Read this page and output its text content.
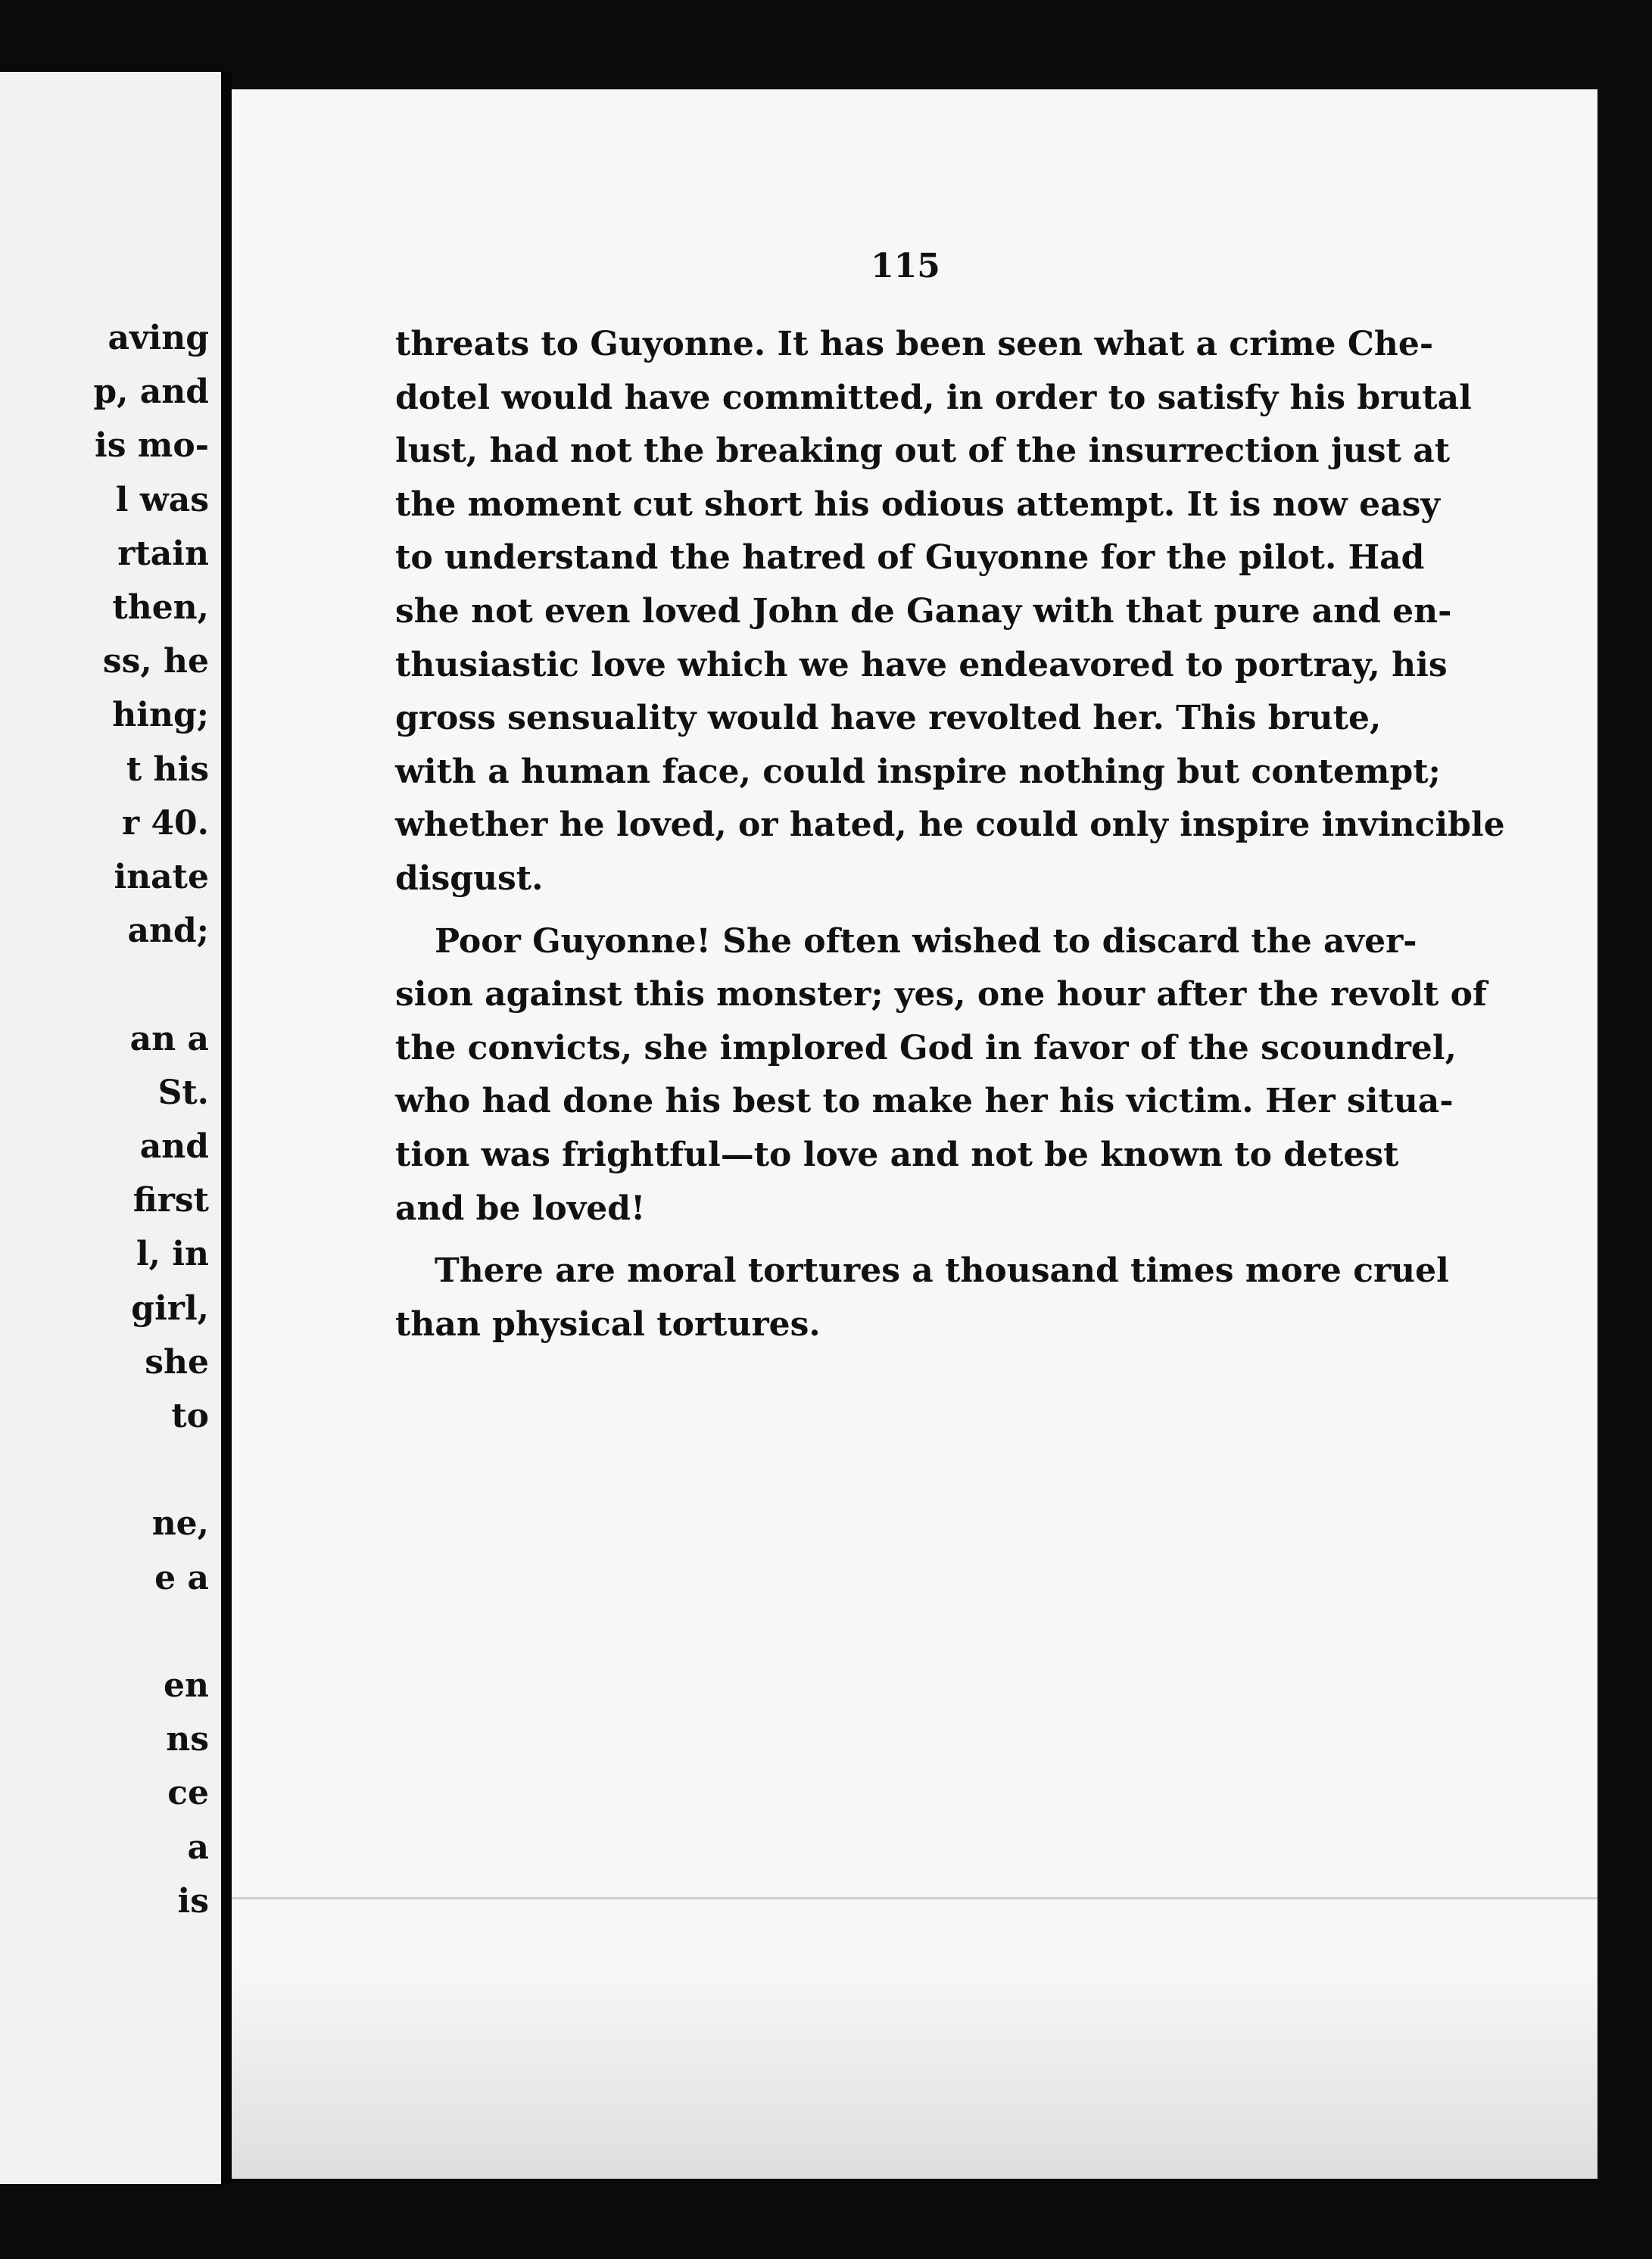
aving
p, and
is mo-
l was
rtain
then,
ss, he
hing;
t his
r 40.
inate
and;
an a
St.
and
first
l, in
girl,
she
to
ne,
e a
en
ns
ce
a
is
115
threats to Guyonne. It has been seen what a crime Che-
dotel would have committed, in order to satisfy his brutal
lust, had not the breaking out of the insurrection just at
the moment cut short his odious attempt. It is now easy
to understand the hatred of Guyonne for the pilot. Had
she not even loved John de Ganay with that pure and en-
thusiastic love which we have endeavored to portray, his
gross sensuality would have revolted her. This brute,
with a human face, could inspire nothing but contempt;
whether he loved, or hated, he could only inspire invincible
disgust.
Poor Guyonne! She often wished to discard the aver-
sion against this monster; yes, one hour after the revolt of
the convicts, she implored God in favor of the scoundrel,
who had done his best to make her his victim. Her situa-
tion was frightful—to love and not be known to detest
and be loved!
There are moral tortures a thousand times more cruel
than physical tortures.
